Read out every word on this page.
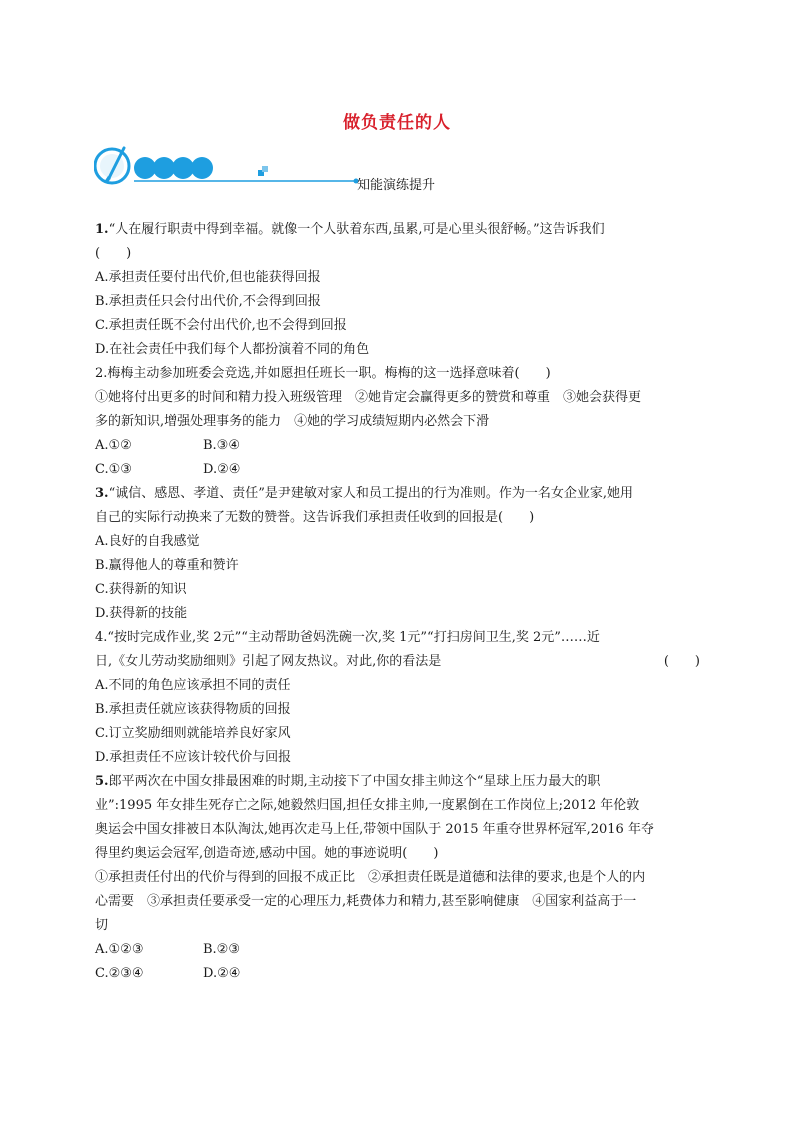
做负责任的人
知能演练提升
1.“人在履行职责中得到幸福。就像一个人驮着东西,虽累,可是心里头很舒畅。”这告诉我们
(　　)
A.承担责任要付出代价,但也能获得回报
B.承担责任只会付出代价,不会得到回报
C.承担责任既不会付出代价,也不会得到回报
D.在社会责任中我们每个人都扮演着不同的角色
2.梅梅主动参加班委会竞选,并如愿担任班长一职。梅梅的这一选择意味着(　　)
①她将付出更多的时间和精力投入班级管理　②她肯定会赢得更多的赞赏和尊重　③她会获得更
多的新知识,增强处理事务的能力　④她的学习成绩短期内必然会下滑
A.①②	B.③④
C.①③	D.②④
3.“诚信、感恩、孝道、责任”是尹建敏对家人和员工提出的行为准则。作为一名女企业家,她用
自己的实际行动换来了无数的赞誉。这告诉我们承担责任收到的回报是(　　)
A.良好的自我感觉
B.赢得他人的尊重和赞许
C.获得新的知识
D.获得新的技能
4.“按时完成作业,奖 2元”“主动帮助爸妈洗碗一次,奖 1元”“打扫房间卫生,奖 2元”……近
日,《女儿劳动奖励细则》引起了网友热议。对此,你的看法是	(　　)
A.不同的角色应该承担不同的责任
B.承担责任就应该获得物质的回报
C.订立奖励细则就能培养良好家风
D.承担责任不应该计较代价与回报
5.郎平两次在中国女排最困难的时期,主动接下了中国女排主帅这个“星球上压力最大的职
业”:1995 年女排生死存亡之际,她毅然归国,担任女排主帅,一度累倒在工作岗位上;2012 年伦敦
奥运会中国女排被日本队淘汰,她再次走马上任,带领中国队于 2015 年重夺世界杯冠军,2016 年夺
得里约奥运会冠军,创造奇迹,感动中国。她的事迹说明(　　)
①承担责任付出的代价与得到的回报不成正比　②承担责任既是道德和法律的要求,也是个人的内
心需要　③承担责任要承受一定的心理压力,耗费体力和精力,甚至影响健康　④国家利益高于一
切
A.①②③	B.②③
C.②③④	D.②④
